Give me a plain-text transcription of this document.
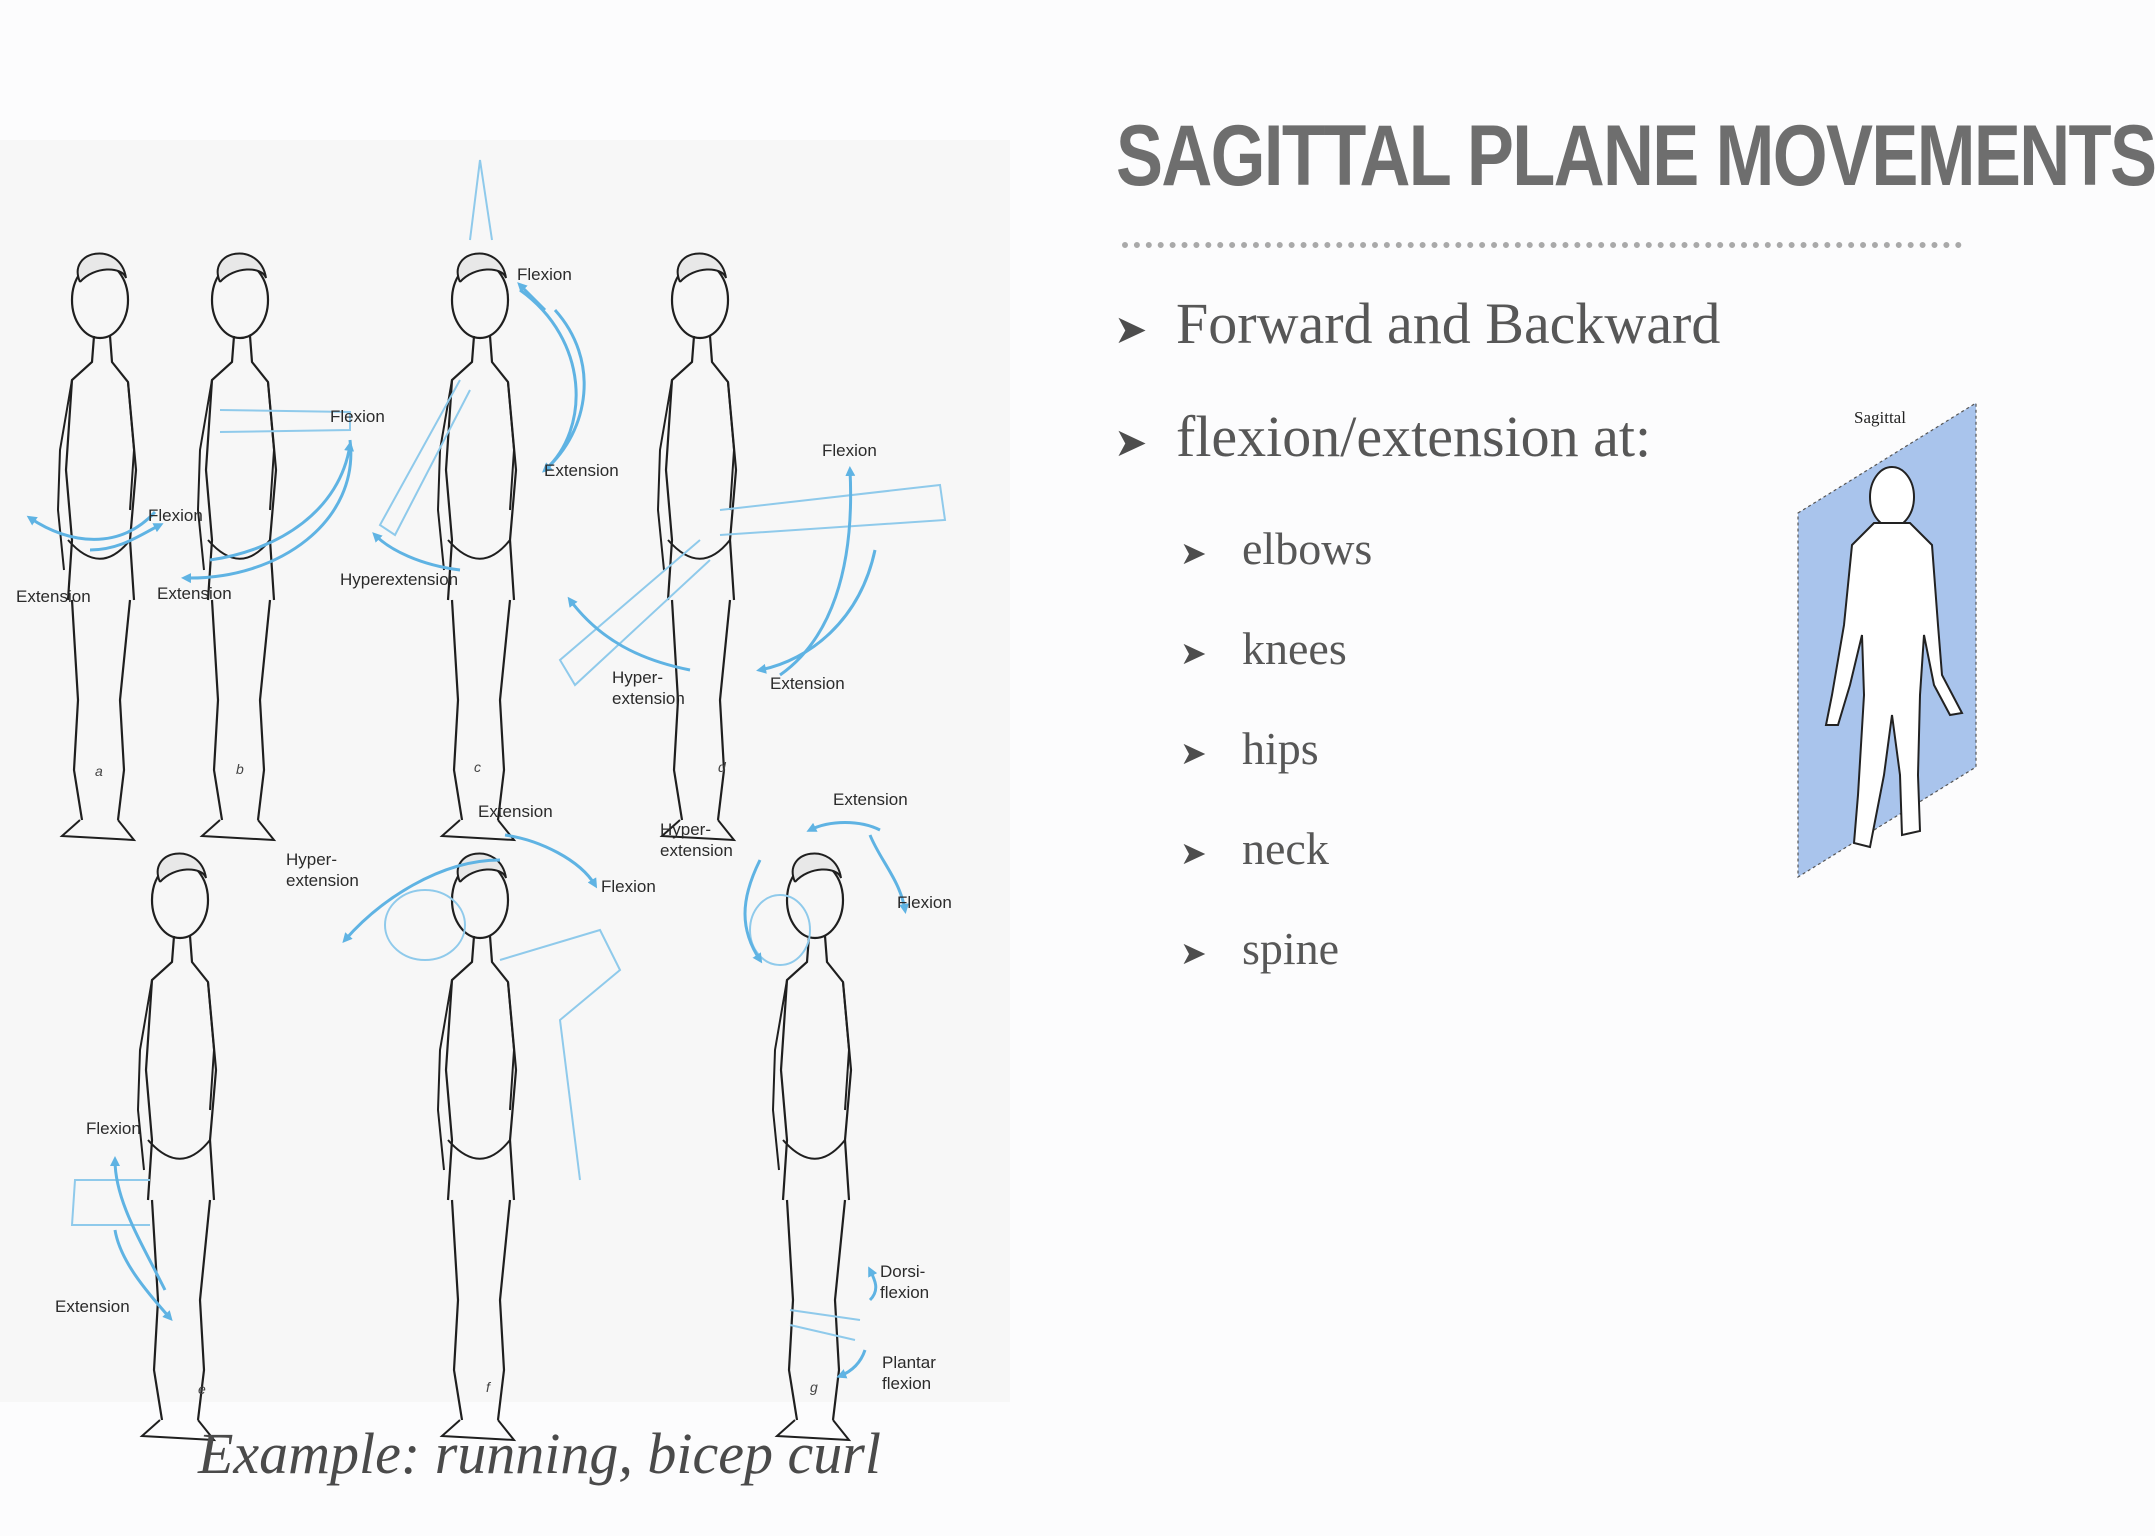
SAGITTAL PLANE MOVEMENTS
➤ Forward and Backward
➤ flexion/extension at:
➤ elbows
➤ knees
➤ hips
➤ neck
➤ spine
Flexion
Extension
Flexion
Extension
Flexion
Extension
Hyperextension
Flexion
Extension
Hyper-
extension
Flexion
Extension
Extension
Flexion
Hyper-
extension
Extension
Hyper-
extension
Flexion
Dorsi-
flexion
Plantar
flexion
a	b	c	d
e	f	g
Example: running, bicep curl
Sagittal
